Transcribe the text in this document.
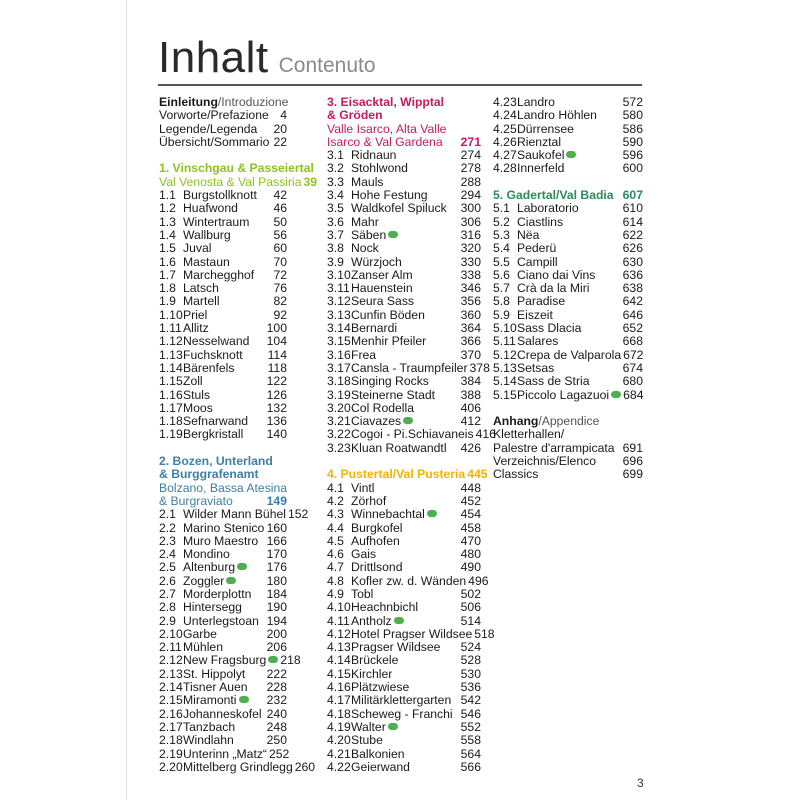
Inhalt Contenuto
Einleitung /Introduzione
Vorworte/Prefazione 4
Legende/Legenda	20
Übersicht/Sommario 22
1. Vinschgau & Passeiertal
Val Venosta & Val Passiria 39
1.1 Burgstollknott	42
1.2 Huafwond	46
1.3 Wintertraum	50
1.4 Wallburg	56
1.5 Juval	60
1.6 Mastaun	70
1.7 Marchegghof	72
1.8 Latsch	76
1.9 Martell	82
1.10 Priel	92
1.11 Allitz	100
1.12 Nesselwand	104
1.13 Fuchsknott	114
1.14 Bärenfels	118
1.15 Zoll	122
1.16 Stuls	126
1.17 Moos	132
1.18 Sefnarwand	136
1.19 Bergkristall	140
2. Bozen, Unterland
& Burggrafenamt
Bolzano, Bassa Atesina
& Burgraviato	149
2.1 Wilder Mann Bühel 152
2.2 Marino Stenico 160
2.3 Muro Maestro 166
2.4 Mondino	170
2.5 Altenburg	176
2.6 Zoggler	180
2.7 Morderplottn	184
2.8 Hintersegg	190
2.9 Unterlegstoan 194
2.10 Garbe	200
2.11 Mühlen	206
2.12 New Fragsburg	218
2.13 St. Hippolyt	222
2.14 Tisner Auen	228
2.15 Miramonti	232
2.16 Johanneskofel 240
2.17 Tanzbach	248
2.18 Windlahn	250
2.19 Unterinn „Matz“ 252
2.20 Mittelberg Grindlegg 260
3. Eisacktal, Wipptal
& Gröden
Valle Isarco, Alta Valle
Isarco & Val Gardena	271
3.1 Ridnaun	274
3.2 Stohlwond	278
3.3 Mauls	288
3.4 Hohe Festung	294
3.5 Waldkofel Spiluck	300
3.6 Mahr	306
3.7 Säben	316
3.8 Nock	320
3.9 Würzjoch	330
3.10 Zanser Alm	338
3.11 Hauenstein	346
3.12 Seura Sass	356
3.13 Cunfin Böden	360
3.14 Bernardi	364
3.15 Menhir Pfeiler	366
3.16 Frea	370
3.17 Cansla - Traumpfeiler 378
3.18 Singing Rocks	384
3.19 Steinerne Stadt	388
3.20 Col Rodella	406
3.21 Ciavazes	412
3.22 Cogoi - Pi.Schiavaneis 416
3.23 Kluan Roatwandtl	426
4. Pustertal/Val Pusteria 445
4.1 Vintl	448
4.2 Zörhof	452
4.3 Winnebachtal	454
4.4 Burgkofel	458
4.5 Aufhofen	470
4.6 Gais	480
4.7 Drittlsond	490
4.8 Kofler zw. d. Wänden 496
4.9 Tobl	502
4.10 Heachnbichl	506
4.11 Antholz	514
4.12 Hotel Pragser Wildsee 518
4.13 Pragser Wildsee	524
4.14 Brückele	528
4.15 Kirchler	530
4.16 Plätzwiese	536
4.17 Militärklettergarten 542
4.18 Scheweg - Franchi 546
4.19 Walter	552
4.20 Stube	558
4.21 Balkonien	564
4.22 Geierwand	566
4.23 Landro	572
4.24 Landro Höhlen	580
4.25 Dürrensee	586
4.26 Rienztal	590
4.27 Saukofel	596
4.28 Innerfeld	600
5. Gadertal/Val Badia 607
5.1 Laboratorio	610
5.2 Ciastlins	614
5.3 Nëa	622
5.4 Pederü	626
5.5 Campill	630
5.6 Ciano dai Vins	636
5.7 Crà da la Miri	638
5.8 Paradise	642
5.9 Eiszeit	646
5.10 Sass Dlacia	652
5.11 Salares	668
5.12 Crepa de Valparola 672
5.13 Setsas	674
5.14 Sass de Stria	680
5.15 Piccolo Lagazuoi	684
Anhang /Appendice
Kletterhallen/
Palestre d'arrampicata 691
Verzeichnis/Elenco	696
Classics	699
3
